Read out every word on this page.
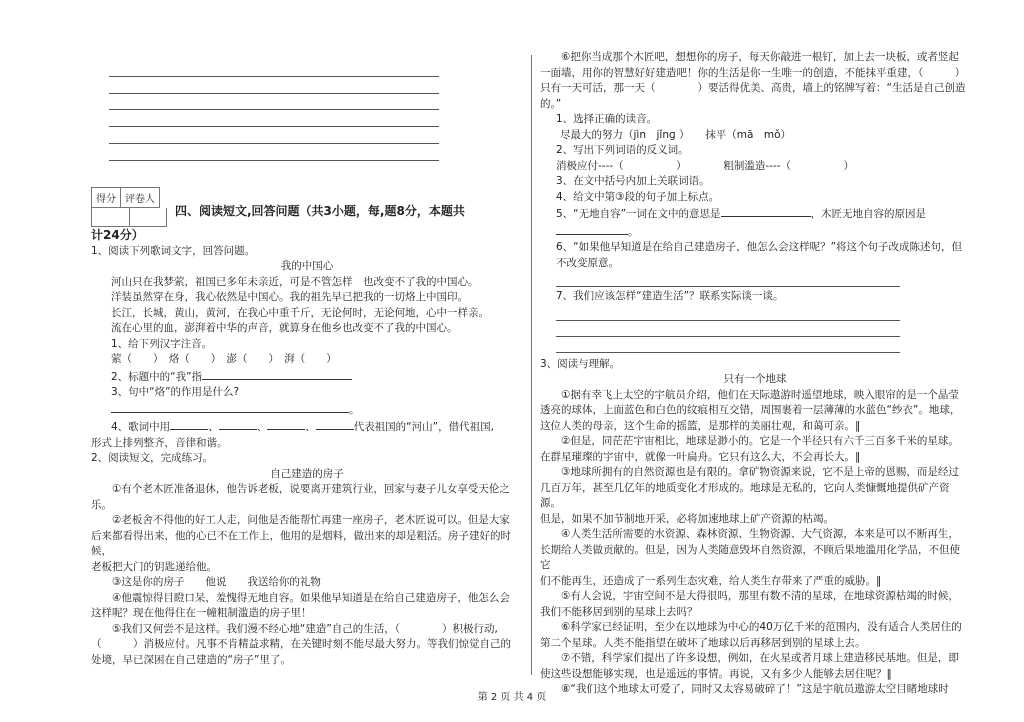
得分 评卷人
四、阅读短文,回答问题（共3小题，每,题8分，本题共
计24分）

1、阅读下列歌词文字，回答问题。

我的中国心

河山只在我梦萦，祖国已多年未亲近，可是不管怎样　也改变不了我的中国心。

洋装虽然穿在身，我心依然是中国心。我的祖先早已把我的一切烙上中国印。

长江，长城，黄山，黄河，在我心中重千斤，无论何时，无论何地，心中一样亲。

流在心里的血，澎湃着中华的声音，就算身在他乡也改变不了我的中国心。

1、给下列汉字注音。

萦（　　）　烙（　　）　澎（　　）　湃（　　）

2、标题中的“我”指

3、句中“烙”的作用是什么?

。

4、歌词中用	、	、	、	代表祖国的“河山”，借代祖国,

形式上排列整齐，音律和谐。

2、阅读短文，完成练习。

自己建造的房子

①有个老木匠准备退休，他告诉老板，说要离开建筑行业，回家与妻子儿女享受天伦之

乐。

②老板舍不得他的好工人走，问他是否能帮忙再建一座房子，老木匠说可以。但是大家

后来都看得出来，他的心已不在工作上，他用的是烟料，做出来的却是粗活。房子建好的时候，

老板把大门的钥匙递给他。

③这是你的房子　　他说　　我送给你的礼物

④他震惊得目瞪口呆，羞愧得无地自容。如果他早知道是在给自己建造房子，他怎么会

这样呢？现在他得住在一幢粗制滥造的房子里！

⑤我们又何尝不是这样。我们漫不经心地“建造”自己的生活，（　　　　）积极行动,

（　　　）消极应付。凡事不肯精益求精，在关键时刻不能尽最大努力。等我们惊觉自己的

处境，早已深困在自己建造的“房子”里了。

⑥把你当成那个木匠吧，想想你的房子，每天你敲进一根钉，加上去一块板，或者竖起

一面墙，用你的智慧好好建造吧！你的生活是你一生唯一的创造，不能抹平重建，（　　　）

只有一天可活，那一天（　　　　）要活得优美、高贵，墙上的铭牌写着：“生活是自己创造

的。”

1、选择正确的读音。

尽最大的努力（jìn　jǐnɡ ）　　抹平（mā　mǒ）

2、写出下列词语的反义词。

消极应付----（　　　　　）　　　　粗制滥造----（　　　　　）

3、在文中括号内加上关联词语。

4、给文中第③段的句子加上标点。

5、“无地自容”一词在文中的意思是	，木匠无地自容的原因是

。

6、“如果他早知道是在给自己建造房子，他怎么会这样呢？”将这个句子改成陈述句，但

不改变原意。

7、我们应该怎样“建造生活”？联系实际谈一谈。

3、阅读与理解。

只有一个地球

①据有幸飞上太空的宇航员介绍，他们在天际遨游时遥望地球，映入眼帘的是一个晶莹

透亮的球体，上面蓝色和白色的纹痕相互交错，周围裹着一层薄薄的水蓝色“纱衣”。地球，

这位人类的母亲，这个生命的摇篮，是那样的美丽壮观，和蔼可亲。‖

②但是，同茫茫宇宙相比，地球是渺小的。它是一个半径只有六千三百多千米的星球。

在群星璀璨的宇宙中，就像一叶扁舟。它只有这么大，不会再长大。‖

③地球所拥有的自然资源也是有限的。拿矿物资源来说，它不是上帝的恩赐，而是经过

几百万年，甚至几亿年的地质变化才形成的。地球是无私的，它向人类慷慨地提供矿产资源。

但是，如果不加节制地开采，必将加速地球上矿产资源的枯竭。

④人类生活所需要的水资源、森林资源、生物资源、大气资源，本来是可以不断再生，

长期给人类做贡献的。但是，因为人类随意毁坏自然资源，不顾后果地滥用化学品，不但使它

们不能再生，还造成了一系列生态灾难，给人类生存带来了严重的威胁。‖

⑤有人会说，宇宙空间不是大得很吗，那里有数不清的星球，在地球资源枯竭的时候，

我们不能移居到别的星球上去吗？

⑥科学家已经证明，至少在以地球为中心的40万亿千米的范围内，没有适合人类居住的

第二个星球。人类不能指望在破坏了地球以后再移居到别的星球上去。

⑦不错，科学家们提出了许多设想，例如，在火星或者月球上建造移民基地。但是，即

使这些设想能够实现，也是遥远的事情。再说，又有多少人能够去居住呢？‖

⑧“我们这个地球太可爱了，同时又太容易破碎了！”这是宇航员遨游太空目睹地球时

第 2 页 共 4 页
